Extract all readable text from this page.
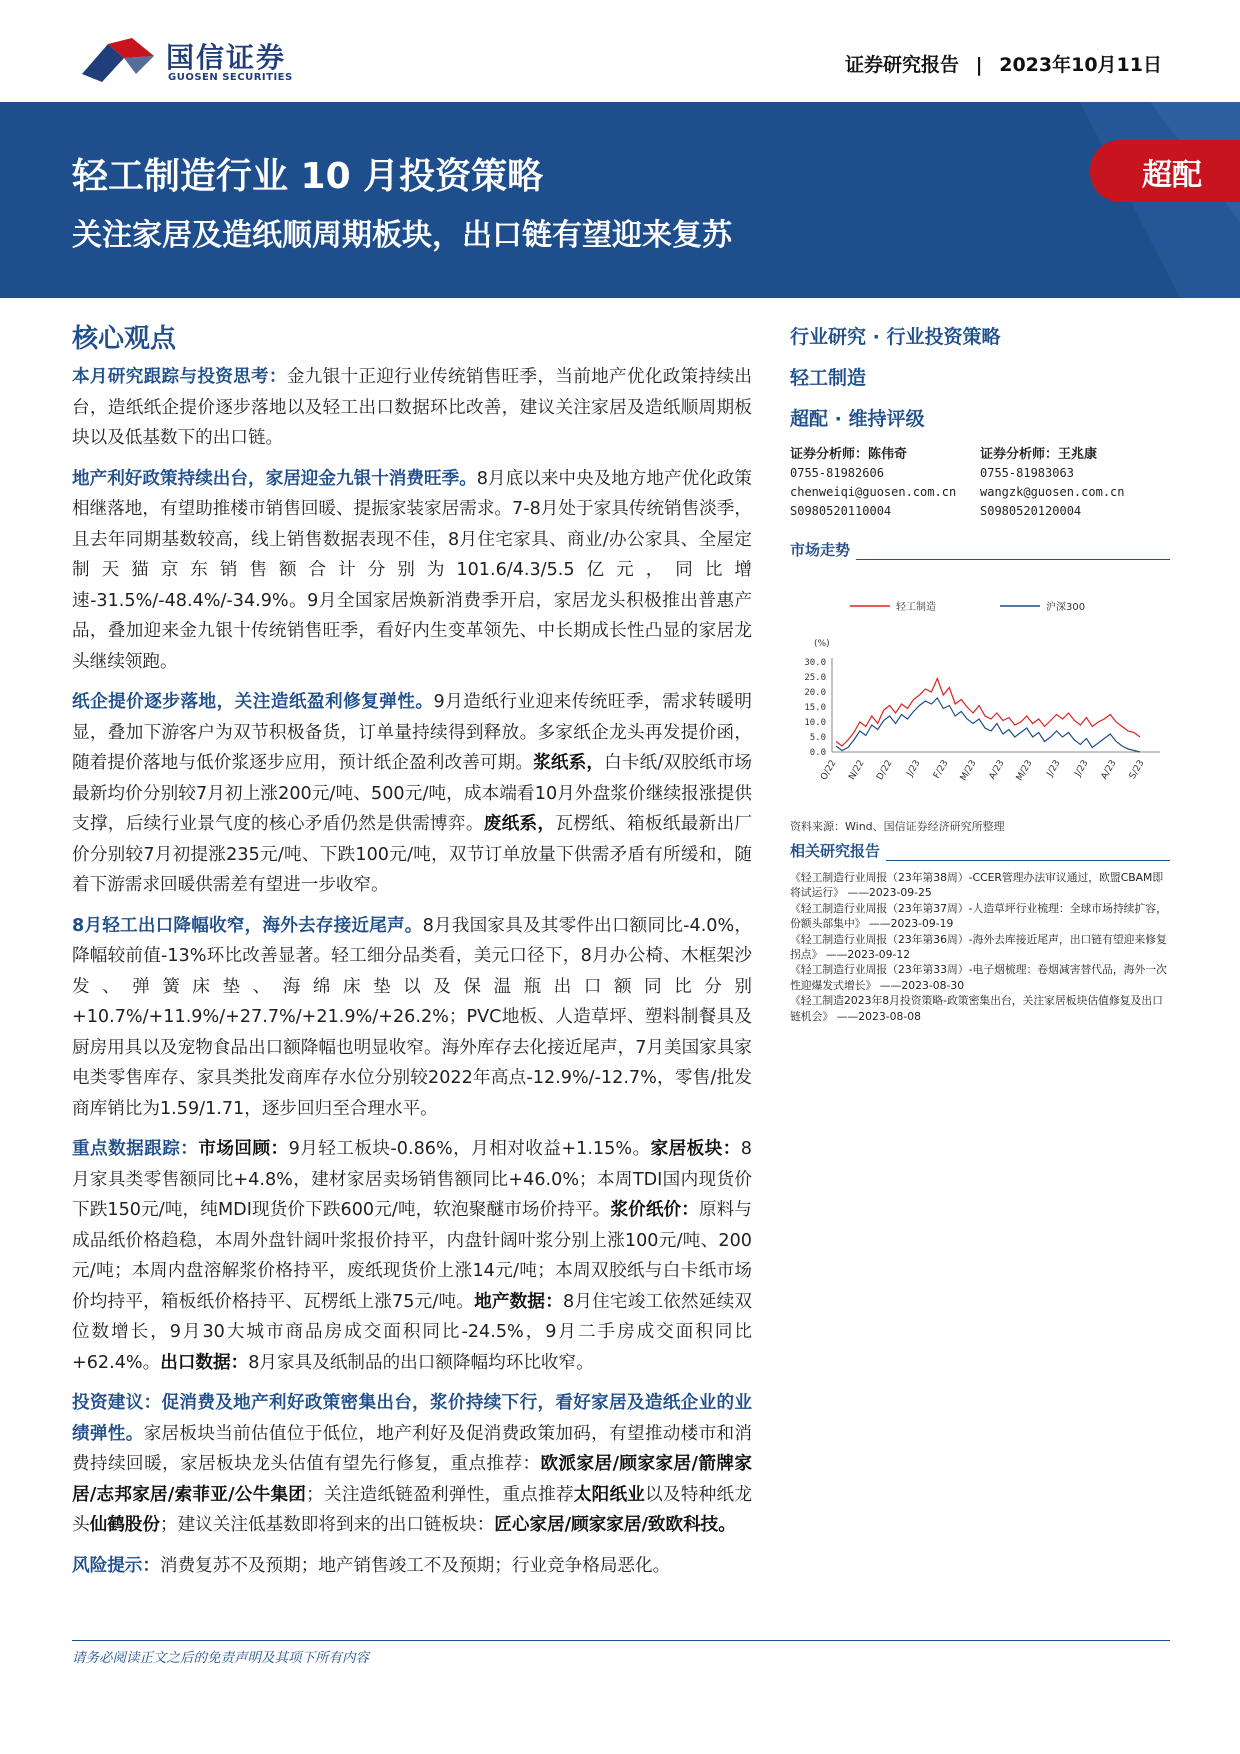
国信证券
GUOSEN SECURITIES
证券研究报告 | 2023年10月11日
轻工制造行业 10 月投资策略
关注家居及造纸顺周期板块，出口链有望迎来复苏
超配
核心观点

本月研究跟踪与投资思考：金九银十正迎行业传统销售旺季，当前地产优化政策持续出台，造纸纸企提价逐步落地以及轻工出口数据环比改善，建议关注家居及造纸顺周期板块以及低基数下的出口链。

地产利好政策持续出台，家居迎金九银十消费旺季。8月底以来中央及地方地产优化政策相继落地，有望助推楼市销售回暖、提振家装家居需求。7-8月处于家具传统销售淡季，且去年同期基数较高，线上销售数据表现不佳，8月住宅家具、商业/办公家具、全屋定制天猫京东销售额合计分别为101.6/4.3/5.5亿元，同比增速-31.5%/-48.4%/-34.9%。9月全国家居焕新消费季开启，家居龙头积极推出普惠产品，叠加迎来金九银十传统销售旺季，看好内生变革领先、中长期成长性凸显的家居龙头继续领跑。

纸企提价逐步落地，关注造纸盈利修复弹性。9月造纸行业迎来传统旺季，需求转暖明显，叠加下游客户为双节积极备货，订单量持续得到释放。多家纸企龙头再发提价函，随着提价落地与低价浆逐步应用，预计纸企盈利改善可期。浆纸系，白卡纸/双胶纸市场最新均价分别较7月初上涨200元/吨、500元/吨，成本端看10月外盘浆价继续报涨提供支撑，后续行业景气度的核心矛盾仍然是供需博弈。废纸系，瓦楞纸、箱板纸最新出厂价分别较7月初提涨235元/吨、下跌100元/吨，双节订单放量下供需矛盾有所缓和，随着下游需求回暖供需差有望进一步收窄。

8月轻工出口降幅收窄，海外去存接近尾声。8月我国家具及其零件出口额同比-4.0%，降幅较前值-13%环比改善显著。轻工细分品类看，美元口径下，8月办公椅、木框架沙发、弹簧床垫、海绵床垫以及保温瓶出口额同比分别+10.7%/+11.9%/+27.7%/+21.9%/+26.2%；PVC地板、人造草坪、塑料制餐具及厨房用具以及宠物食品出口额降幅也明显收窄。海外库存去化接近尾声，7月美国家具家电类零售库存、家具类批发商库存水位分别较2022年高点-12.9%/-12.7%，零售/批发商库销比为1.59/1.71，逐步回归至合理水平。

重点数据跟踪：市场回顾：9月轻工板块-0.86%，月相对收益+1.15%。家居板块：8月家具类零售额同比+4.8%，建材家居卖场销售额同比+46.0%；本周TDI国内现货价下跌150元/吨，纯MDI现货价下跌600元/吨，软泡聚醚市场价持平。浆价纸价：原料与成品纸价格趋稳，本周外盘针阔叶浆报价持平，内盘针阔叶浆分别上涨100元/吨、200元/吨；本周内盘溶解浆价格持平，废纸现货价上涨14元/吨；本周双胶纸与白卡纸市场价均持平，箱板纸价格持平、瓦楞纸上涨75元/吨。地产数据：8月住宅竣工依然延续双位数增长，9月30大城市商品房成交面积同比-24.5%，9月二手房成交面积同比+62.4%。出口数据：8月家具及纸制品的出口额降幅均环比收窄。

投资建议：促消费及地产利好政策密集出台，浆价持续下行，看好家居及造纸企业的业绩弹性。家居板块当前估值位于低位，地产利好及促消费政策加码，有望推动楼市和消费持续回暖，家居板块龙头估值有望先行修复，重点推荐：欧派家居/顾家家居/箭牌家居/志邦家居/索菲亚/公牛集团；关注造纸链盈利弹性，重点推荐太阳纸业以及特种纸龙头仙鹤股份；建议关注低基数即将到来的出口链板块：匠心家居/顾家家居/致欧科技。

风险提示：消费复苏不及预期；地产销售竣工不及预期；行业竞争格局恶化。

行业研究 · 行业投资策略
轻工制造
超配 · 维持评级
证券分析师：陈伟奇
0755-81982606
chenweiqi@guosen.com.cn
S0980520110004
证券分析师：王兆康
0755-81983063
wangzk@guosen.com.cn
S0980520120004
市场走势
轻工制造	沪深300
(%)
30.0
25.0
20.0
15.0
10.0
5.0
0.0
O/22 N/22 D/22 J/23 F/23 M/23 A/23 M/23 J/23 J/23 A/23 S/23
资料来源：Wind、国信证券经济研究所整理
相关研究报告
《轻工制造行业周报（23年第38周）-CCER管理办法审议通过，欧盟CBAM即将试运行》 ——2023-09-25
《轻工制造行业周报（23年第37周）-人造草坪行业梳理：全球市场持续扩容，份额头部集中》 ——2023-09-19
《轻工制造行业周报（23年第36周）-海外去库接近尾声，出口链有望迎来修复拐点》 ——2023-09-12
《轻工制造行业周报（23年第33周）-电子烟梳理：卷烟减害替代品，海外一次性迎爆发式增长》 ——2023-08-30
《轻工制造2023年8月投资策略-政策密集出台，关注家居板块估值修复及出口链机会》 ——2023-08-08
请务必阅读正文之后的免责声明及其项下所有内容
